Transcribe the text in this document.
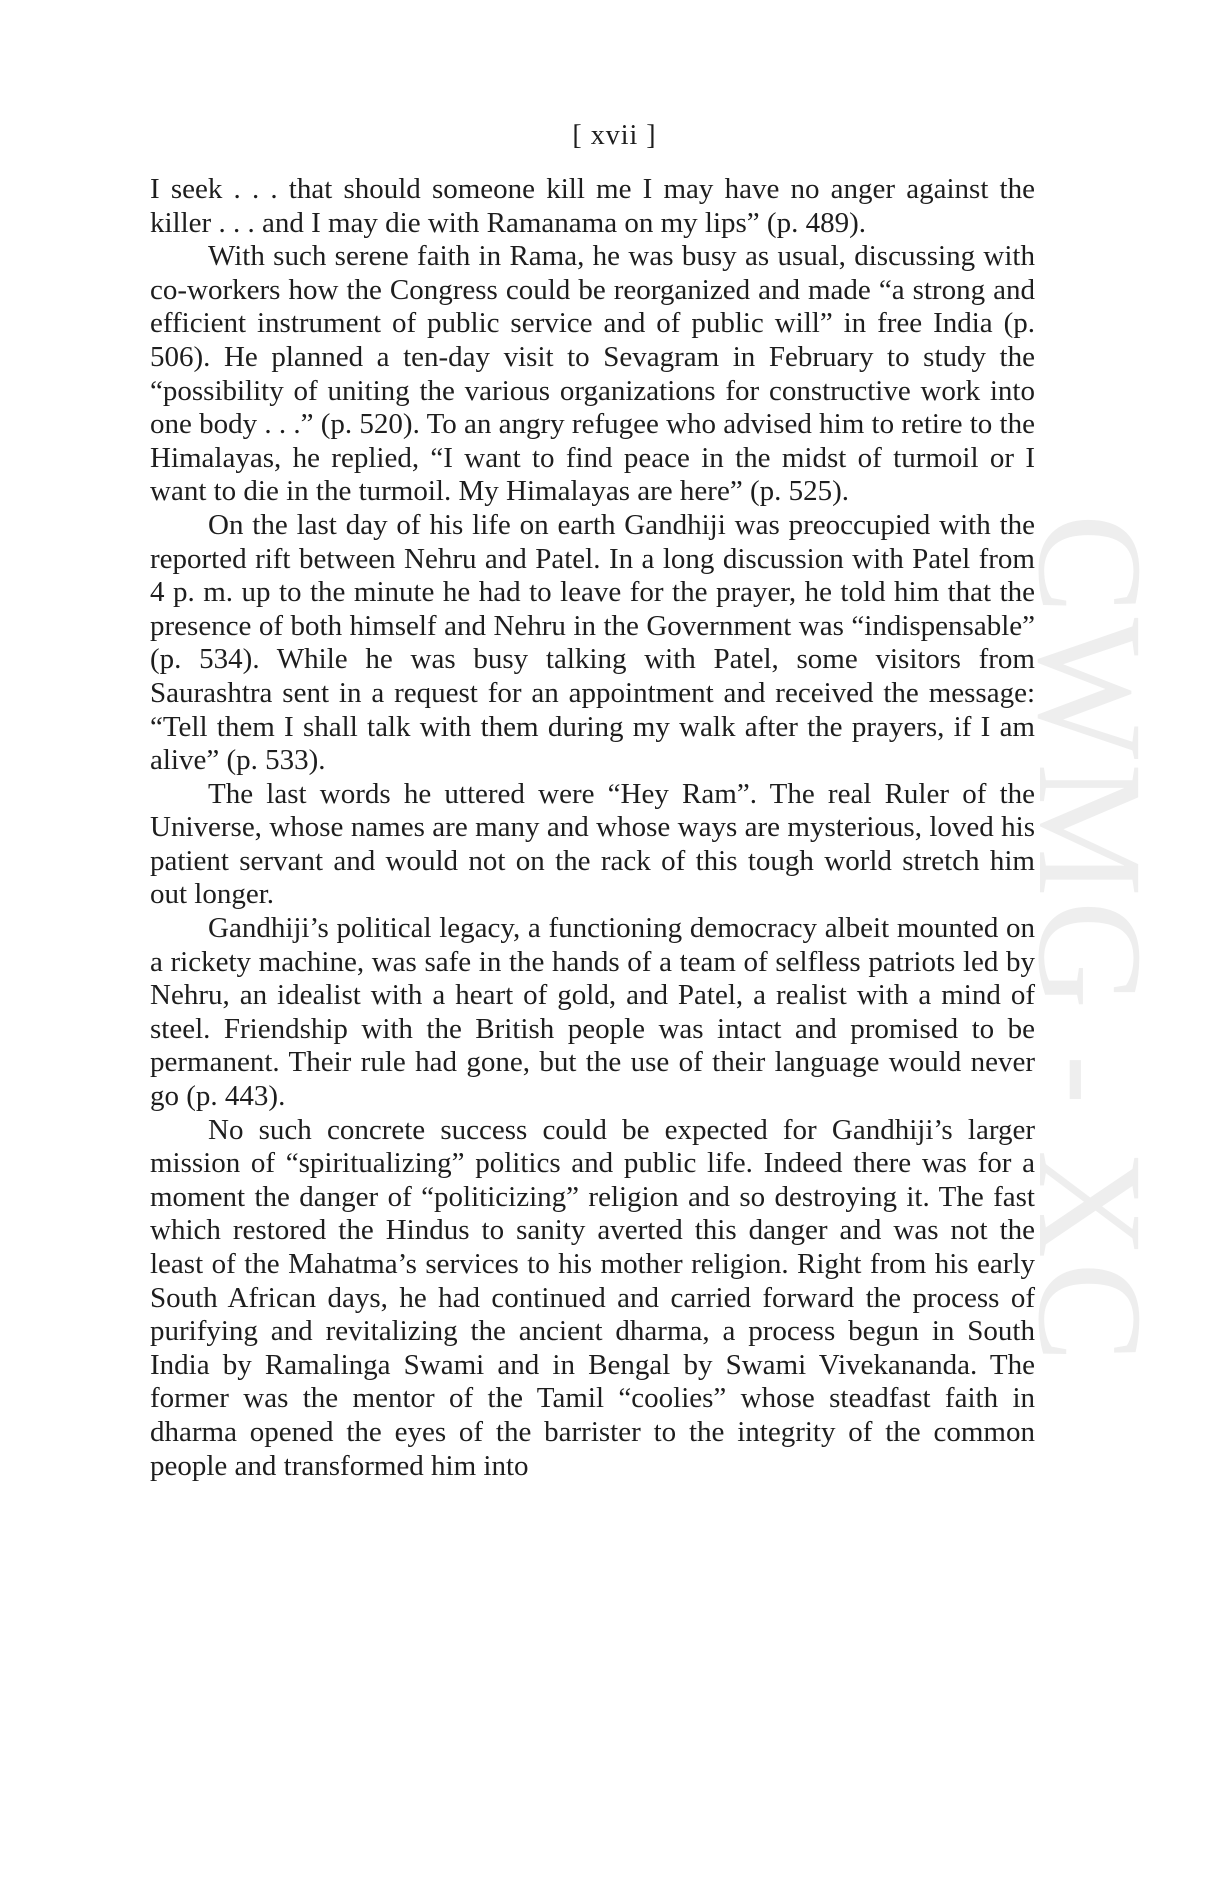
CWMG - XC
[ xvii ]

I seek . . . that should someone kill me I may have no anger against the killer . . . and I may die with Ramanama on my lips” (p. 489).

With such serene faith in Rama, he was busy as usual, discussing with co-workers how the Congress could be reorganized and made “a strong and efficient instrument of public service and of public will” in free India (p. 506). He planned a ten-day visit to Sevagram in February to study the “possibility of uniting the various organizations for constructive work into one body . . .” (p. 520). To an angry refugee who advised him to retire to the Himalayas, he replied, “I want to find peace in the midst of turmoil or I want to die in the turmoil. My Himalayas are here” (p. 525).

On the last day of his life on earth Gandhiji was preoccupied with the reported rift between Nehru and Patel. In a long discussion with Patel from 4 p. m. up to the minute he had to leave for the prayer, he told him that the presence of both himself and Nehru in the Government was “indispensable” (p. 534). While he was busy talking with Patel, some visitors from Saurashtra sent in a request for an appointment and received the message: “Tell them I shall talk with them during my walk after the prayers, if I am alive” (p. 533).

The last words he uttered were “Hey Ram”. The real Ruler of the Universe, whose names are many and whose ways are mysterious, loved his patient servant and would not on the rack of this tough world stretch him out longer.

Gandhiji’s political legacy, a functioning democracy albeit mounted on a rickety machine, was safe in the hands of a team of selfless patriots led by Nehru, an idealist with a heart of gold, and Patel, a realist with a mind of steel. Friendship with the British people was intact and promised to be permanent. Their rule had gone, but the use of their language would never go (p. 443).

No such concrete success could be expected for Gandhiji’s larger mission of “spiritualizing” politics and public life. Indeed there was for a moment the danger of “politicizing” religion and so destroying it. The fast which restored the Hindus to sanity averted this danger and was not the least of the Mahatma’s services to his mother religion. Right from his early South African days, he had continued and carried forward the process of purifying and revitalizing the ancient dharma, a process begun in South India by Ramalinga Swami and in Bengal by Swami Vivekananda. The former was the mentor of the Tamil “coolies” whose steadfast faith in dharma opened the eyes of the barrister to the integrity of the common people and transformed him into
